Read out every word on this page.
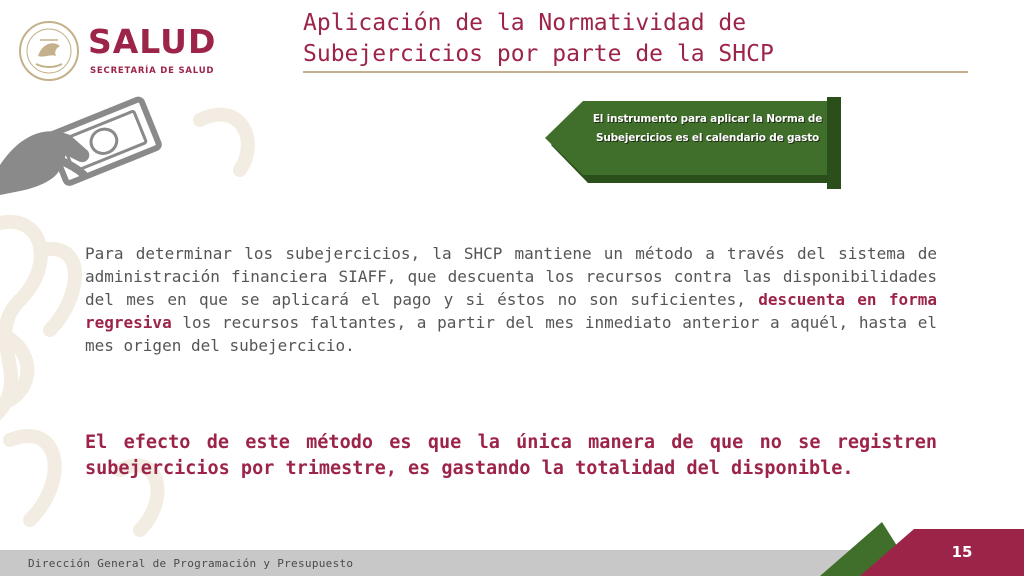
SALUD
SECRETARÍA DE SALUD
Aplicación de la Normatividad de
Subejercicios por parte de la SHCP
El instrumento para aplicar la Norma de Subejercicios es el calendario de gasto
Para determinar los subejercicios, la SHCP mantiene un método a través del sistema de administración financiera SIAFF, que descuenta los recursos contra las disponibilidades del mes en que se aplicará el pago y si éstos no son suficientes, descuenta en forma regresiva los recursos faltantes, a partir del mes inmediato anterior a aquél, hasta el mes origen del subejercicio.
El efecto de este método es que la única manera de que no se registren subejercicios por trimestre, es gastando la totalidad del disponible.
Dirección General de Programación y Presupuesto
15
